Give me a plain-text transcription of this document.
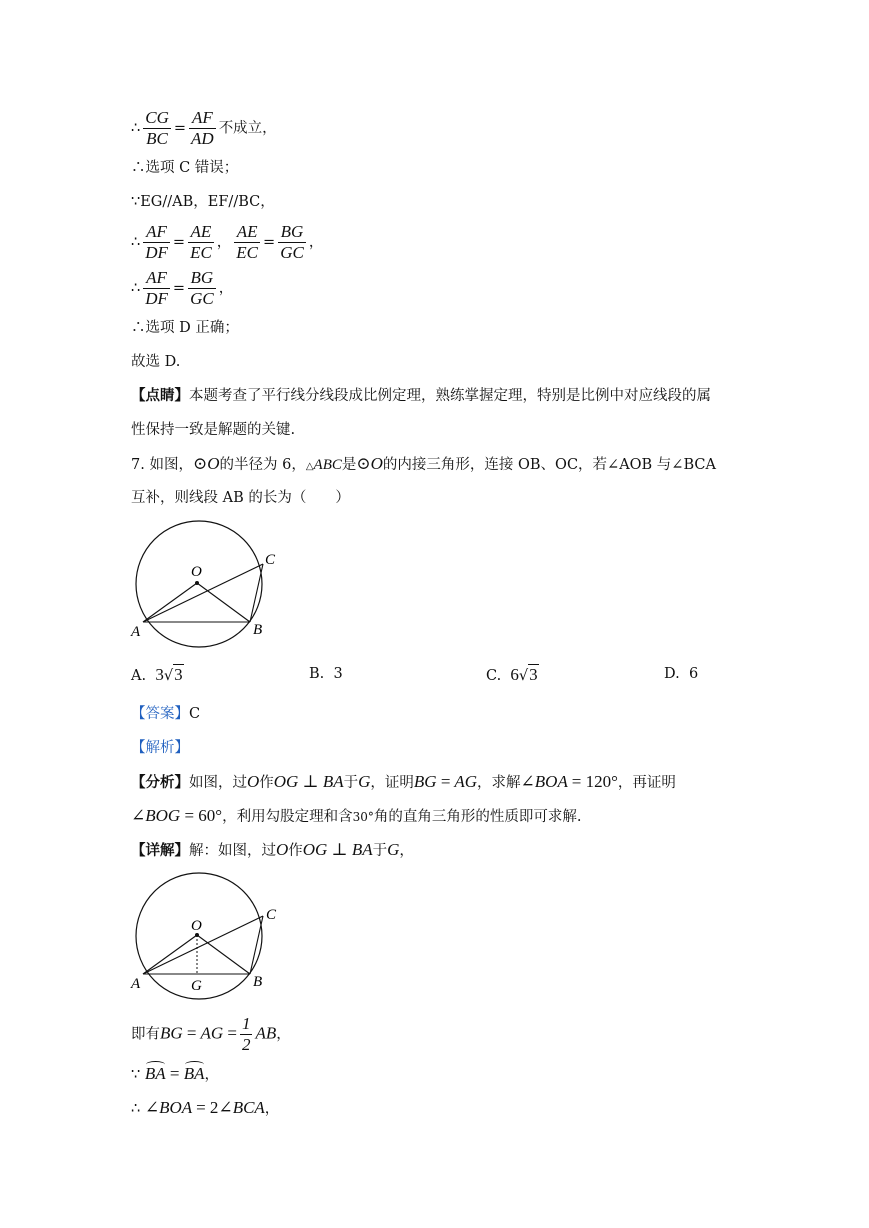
∴ $\frac{CG}{BC} = \frac{AF}{AD}$ 不成立，
∴选项 C 错误；
∵EG//AB，EF//BC，
∴ $\frac{AF}{DF} = \frac{AE}{EC}$ ， $\frac{AE}{EC} = \frac{BG}{GC}$ ，
∴ $\frac{AF}{DF} = \frac{BG}{GC}$ ，
∴选项 D 正确；
故选 D.
【点睛】本题考查了平行线分线段成比例定理，熟练掌握定理，特别是比例中对应线段的属
性保持一致是解题的关键.
7. 如图，⊙O的半径为 6，△ABC是⊙O的内接三角形，连接 OB、OC，若∠AOB 与∠BCA
互补，则线段 AB 的长为（　　）
O
A	B
C
A. 3√3	B. 3	C. 6√3	D. 6
【答案】C
【解析】
【分析】如图，过O作OG ⊥ BA于G，证明BG = AG，求解∠BOA = 120°，再证明
∠BOG = 60°，利用勾股定理和含30°角的直角三角形的性质即可求解.
【详解】解：如图，过O作OG ⊥ BA于G，
O
A	B
C
G
即有BG = AG = $\frac{1}{2}$ AB，
∵ BA = BA，
∴ ∠BOA = 2∠BCA，
